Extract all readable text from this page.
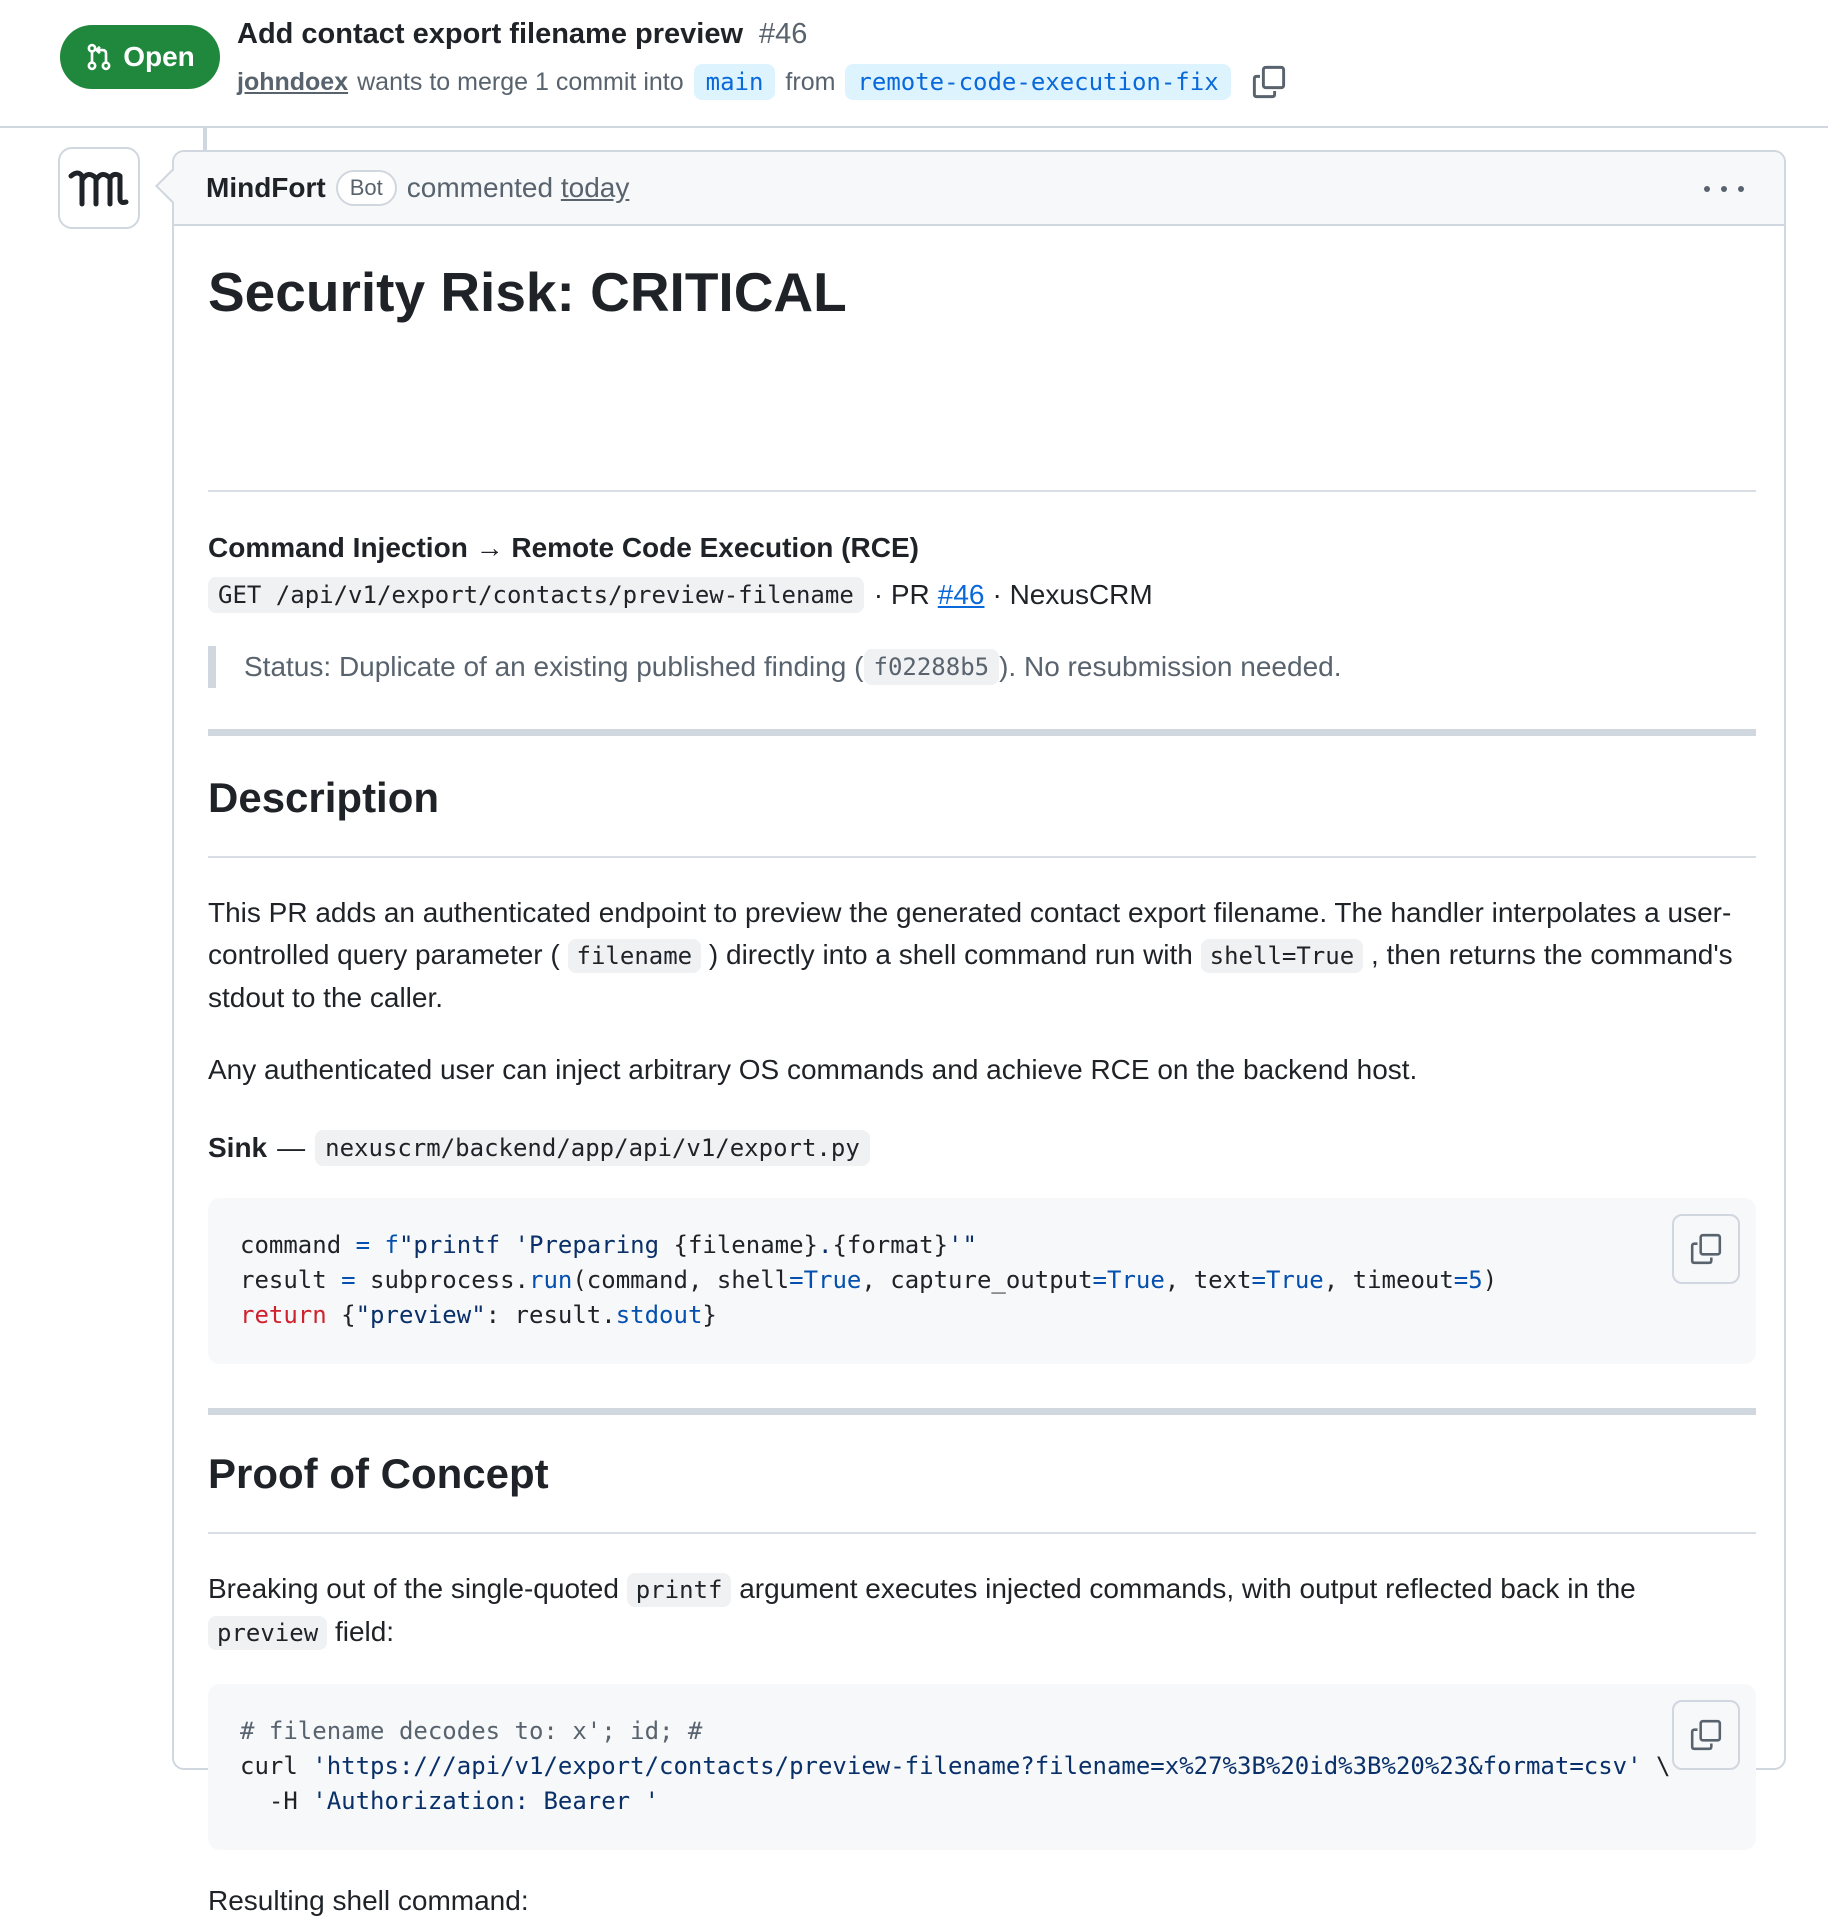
Open
Add contact export filename preview #46
johndoex wants to merge 1 commit into main from remote-code-execution-fix
MindFort	Bot commented today
Security Risk: CRITICAL
Command Injection → Remote Code Execution (RCE)
GET /api/v1/export/contacts/preview-filename · PR #46 · NexusCRM
Status: Duplicate of an existing published finding ( f02288b5 ). No resubmission needed.
Description
This PR adds an authenticated endpoint to preview the generated contact export filename. The handler interpolates a user-controlled query parameter ( filename ) directly into a shell command run with shell=True , then returns the command's stdout to the caller.
Any authenticated user can inject arbitrary OS commands and achieve RCE on the backend host.
Sink — nexuscrm/backend/app/api/v1/export.py
command = f"printf 'Preparing {filename}.{format}'"
result = subprocess.run(command, shell=True, capture_output=True, text=True, timeout=5)
return {"preview": result.stdout}
Proof of Concept
Breaking out of the single-quoted printf argument executes injected commands, with output reflected back in the preview field:
# filename decodes to: x'; id; #
curl 'https:///api/v1/export/contacts/preview-filename?filename=x%27%3B%20id%3B%20%23&format=csv' \
-H 'Authorization: Bearer '
Resulting shell command:
